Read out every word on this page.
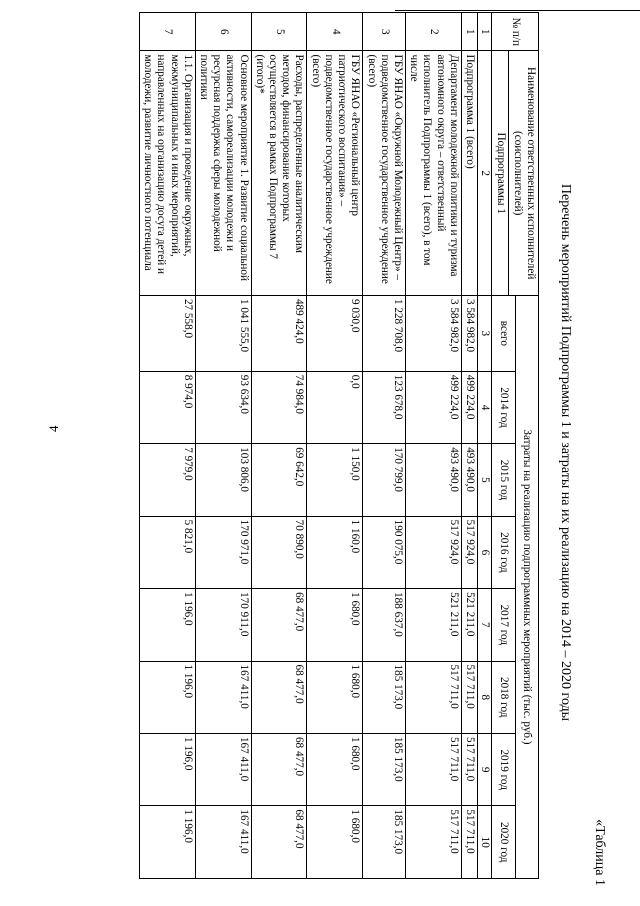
4
«Таблица 1
Перечень мероприятий Подпрограммы 1 и затраты на их реализацию на 2014 – 2020 годы
№ п/п	Наименование ответственных исполнителей (соисполнителей)
Подпрограммы 1	Затраты на реализацию подпрограммных мероприятий (тыс. руб.)							
		всего	2014 год	2015 год	2016 год	2017 год	2018 год	2019 год	2020 год
1	2	3	4	5	6	7	8	9	10
1	Подпрограмма 1 (всего)	3 584 982,0	499 224,0	493 490,0	517 924,0	521 211,0	517 711,0	517 711,0	517 711,0
2	Департамент молодежной политики и туризма автономного округа – ответственный исполнитель Подпрограммы 1 (всего), в том числе	3 584 982,0	499 224,0	493 490,0	517 924,0	521 211,0	517 711,0	517 711,0	517 711,0
3	ГБУ ЯНАО «Окружной Молодежный Центр» – подведомственное государственное учреждение (всего)	1 228 708,0	123 678,0	170 799,0	190 075,0	188 637,0	185 173,0	185 173,0	185 173,0
4	ГБУ ЯНАО «Региональный центр патриотического воспитания» – подведомственное государственное учреждение (всего)	9 030,0	0,0	1 150,0	1 160,0	1 680,0	1 680,0	1 680,0	1 680,0
5	Расходы, распределенные аналитическим методом, финансирование которых осуществляется в рамках Подпрограммы 7 (итого)*	489 424,0	74 984,0	69 642,0	70 890,0	68 477,0	68 477,0	68 477,0	68 477,0
6	Основное мероприятие 1. Развитие социальной активности, самореализации молодежи и ресурсная поддержка сферы молодежной политики	1 041 555,0	93 634,0	103 806,0	170 971,0	170 911,0	167 411,0	167 411,0	167 411,0
7	1.1. Организация и проведение окружных, межмуниципальных и иных мероприятий, направленных на организацию досуга детей и молодежи, развитие личностного потенциала	27 558,0	8 974,0	7 979,0	5 821,0	1 196,0	1 196,0	1 196,0	1 196,0
